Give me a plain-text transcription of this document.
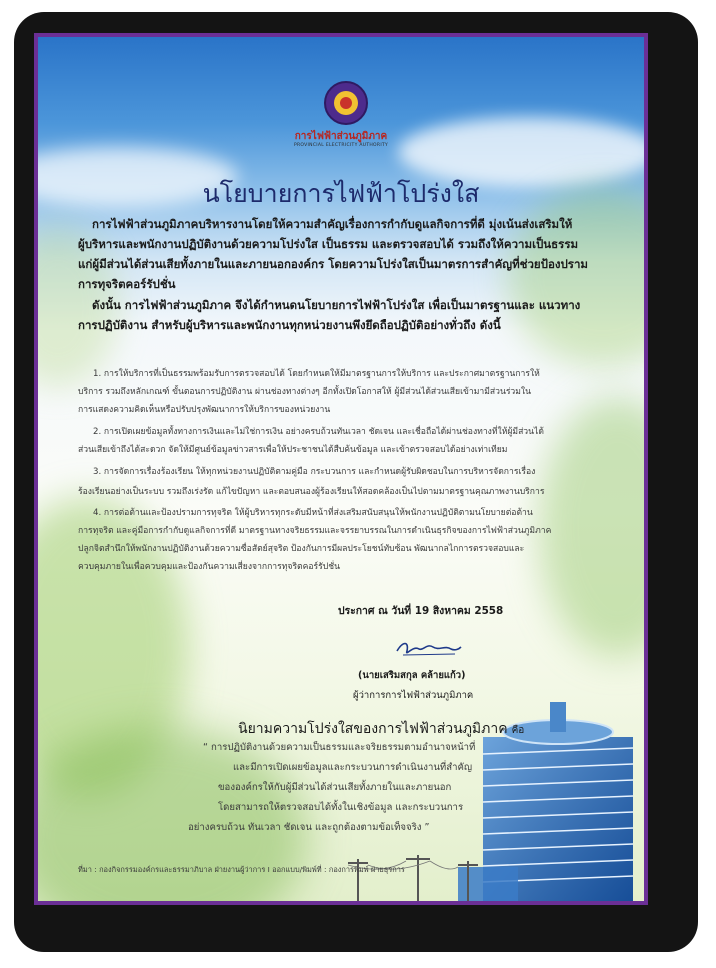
การไฟฟ้าส่วนภูมิภาค
PROVINCIAL ELECTRICITY AUTHORITY
นโยบายการไฟฟ้าโปร่งใส
การไฟฟ้าส่วนภูมิภาคบริหารงานโดยให้ความสำคัญเรื่องการกำกับดูแลกิจการที่ดี มุ่งเน้นส่งเสริมให้
ผู้บริหารและพนักงานปฏิบัติงานด้วยความโปร่งใส เป็นธรรม และตรวจสอบได้ รวมถึงให้ความเป็นธรรม
แก่ผู้มีส่วนได้ส่วนเสียทั้งภายในและภายนอกองค์กร โดยความโปร่งใสเป็นมาตรการสำคัญที่ช่วยป้องปราม
การทุจริตคอร์รัปชั่น
ดังนั้น การไฟฟ้าส่วนภูมิภาค จึงได้กำหนดนโยบายการไฟฟ้าโปร่งใส เพื่อเป็นมาตรฐานและ แนวทาง
การปฏิบัติงาน สำหรับผู้บริหารและพนักงานทุกหน่วยงานพึงยึดถือปฏิบัติอย่างทั่วถึง ดังนี้
1. การให้บริการที่เป็นธรรมพร้อมรับการตรวจสอบได้ โดยกำหนดให้มีมาตรฐานการให้บริการ และประกาศมาตรฐานการให้
บริการ รวมถึงหลักเกณฑ์ ขั้นตอนการปฏิบัติงาน ผ่านช่องทางต่างๆ อีกทั้งเปิดโอกาสให้ ผู้มีส่วนได้ส่วนเสียเข้ามามีส่วนร่วมใน
การแสดงความคิดเห็นหรือปรับปรุงพัฒนาการให้บริการของหน่วยงาน
2. การเปิดเผยข้อมูลทั้งทางการเงินและไม่ใช่การเงิน อย่างครบถ้วนทันเวลา ชัดเจน และเชื่อถือได้ผ่านช่องทางที่ให้ผู้มีส่วนได้
ส่วนเสียเข้าถึงได้สะดวก จัดให้มีศูนย์ข้อมูลข่าวสารเพื่อให้ประชาชนได้สืบค้นข้อมูล และเข้าตรวจสอบได้อย่างเท่าเทียม
3. การจัดการเรื่องร้องเรียน ให้ทุกหน่วยงานปฏิบัติตามคู่มือ กระบวนการ และกำหนดผู้รับผิดชอบในการบริหารจัดการเรื่อง
ร้องเรียนอย่างเป็นระบบ รวมถึงเร่งรัด แก้ไขปัญหา และตอบสนองผู้ร้องเรียนให้สอดคล้องเป็นไปตามมาตรฐานคุณภาพงานบริการ
4. การต่อต้านและป้องปรามการทุจริต ให้ผู้บริหารทุกระดับมีหน้าที่ส่งเสริมสนับสนุนให้พนักงานปฏิบัติตามนโยบายต่อต้าน
การทุจริต และคู่มือการกำกับดูแลกิจการที่ดี มาตรฐานทางจริยธรรมและจรรยาบรรณในการดำเนินธุรกิจของการไฟฟ้าส่วนภูมิภาค
ปลูกจิตสำนึกให้พนักงานปฏิบัติงานด้วยความซื่อสัตย์สุจริต ป้องกันการมีผลประโยชน์ทับซ้อน พัฒนากลไกการตรวจสอบและ
ควบคุมภายในเพื่อควบคุมและป้องกันความเสี่ยงจากการทุจริตคอร์รัปชั่น
ประกาศ ณ วันที่ 19 สิงหาคม 2558
(นายเสริมสกุล คล้ายแก้ว)
ผู้ว่าการการไฟฟ้าส่วนภูมิภาค
นิยามความโปร่งใสของการไฟฟ้าส่วนภูมิภาค คือ
“ การปฏิบัติงานด้วยความเป็นธรรมและจริยธรรมตามอำนาจหน้าที่
และมีการเปิดเผยข้อมูลและกระบวนการดำเนินงานที่สำคัญ
ขององค์กรให้กับผู้มีส่วนได้ส่วนเสียทั้งภายในและภายนอก
โดยสามารถให้ตรวจสอบได้ทั้งในเชิงข้อมูล และกระบวนการ
อย่างครบถ้วน ทันเวลา ชัดเจน และถูกต้องตามข้อเท็จจริง ”
ที่มา : กองกิจกรรมองค์กรและธรรมาภิบาล ฝ่ายงานผู้ว่าการ I ออกแบบ/พิมพ์ที่ : กองการพิมพ์ ฝ่ายธุรการ
